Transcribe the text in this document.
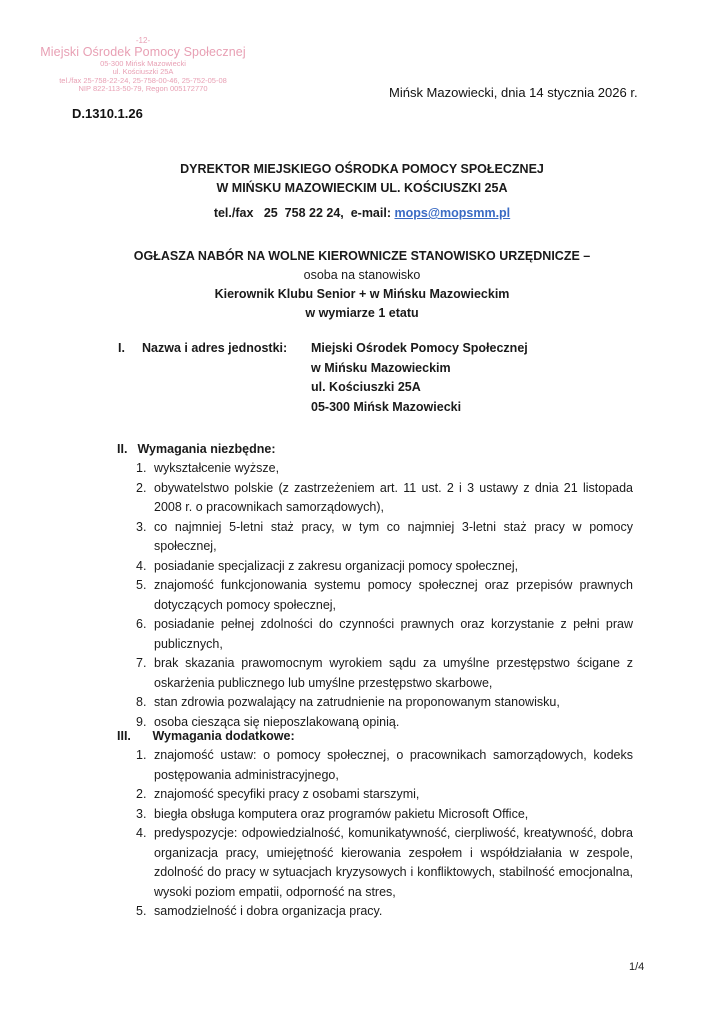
-12-
Miejski Ośrodek Pomocy Społecznej
05-300 Mińsk Mazowiecki
ul. Kościuszki 25A
tel./fax 25-758-22-24, 25-758-00-46, 25-752-05-08
NIP 822-113-50-79, Regon 005172770
D.1310.1.26
Mińsk Mazowiecki, dnia 14 stycznia 2026 r.
DYREKTOR MIEJSKIEGO OŚRODKA POMOCY SPOŁECZNEJ
W MIŃSKU MAZOWIECKIM UL. KOŚCIUSZKI 25A
tel./fax   25  758 22 24,  e-mail: mops@mopsmm.pl
OGŁASZA NABÓR NA WOLNE KIEROWNICZE STANOWISKO URZĘDNICZE –
osoba na stanowisko
Kierownik Klubu Senior + w Mińsku Mazowieckim
w wymiarze 1 etatu
I. Nazwa i adres jednostki: Miejski Ośrodek Pomocy Społecznej
w Mińsku Mazowieckim
ul. Kościuszki 25A
05-300 Mińsk Mazowiecki
II. Wymagania niezbędne:
1. wykształcenie wyższe,
2. obywatelstwo polskie (z zastrzeżeniem art. 11 ust. 2 i 3 ustawy z dnia 21 listopada 2008 r. o pracownikach samorządowych),
3. co najmniej 5-letni staż pracy, w tym co najmniej 3-letni staż pracy w pomocy społecznej,
4. posiadanie specjalizacji z zakresu organizacji pomocy społecznej,
5. znajomość funkcjonowania systemu pomocy społecznej oraz przepisów prawnych dotyczących pomocy społecznej,
6. posiadanie pełnej zdolności do czynności prawnych oraz korzystanie z pełni praw publicznych,
7. brak skazania prawomocnym wyrokiem sądu za umyślne przestępstwo ścigane z oskarżenia publicznego lub umyślne przestępstwo skarbowe,
8. stan zdrowia pozwalający na zatrudnienie na proponowanym stanowisku,
9. osoba ciesząca się nieposzlakowaną opinią.
III. Wymagania dodatkowe:
1. znajomość ustaw: o pomocy społecznej, o pracownikach samorządowych, kodeks postępowania administracyjnego,
2. znajomość specyfiki pracy z osobami starszymi,
3. biegła obsługa komputera oraz programów pakietu Microsoft Office,
4. predyspozycje: odpowiedzialność, komunikatywność, cierpliwość, kreatywność, dobra organizacja pracy, umiejętność kierowania zespołem i współdziałania w zespole, zdolność do pracy w sytuacjach kryzysowych i konfliktowych, stabilność emocjonalna, wysoki poziom empatii, odporność na stres,
5. samodzielność i dobra organizacja pracy.
1/4
